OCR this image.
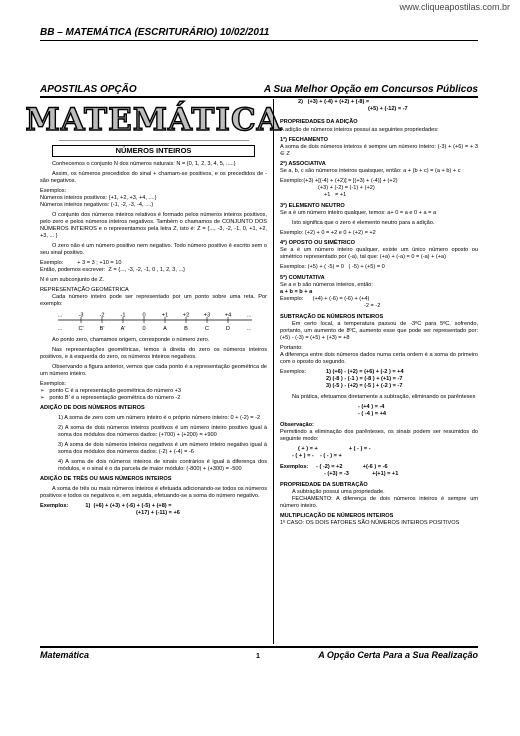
www.cliqueapostilas.com.br
BB – MATEMÁTICA (ESCRITURÁRIO) 10/02/2011
APOSTILAS OPÇÃO	A Sua Melhor Opção em Concursos Públicos
MATEMÁTICA
NÚMEROS INTEIROS

Conhecemos o conjunto N dos números naturais: N = {0, 1, 2, 3, 4, 5, .....}

Assim, os números precedidos do sinal + chamam-se positivos, e os precedidos de - são negativos.

Exemplos:

Números inteiros positivos: {+1, +2, +3, +4, ....}

Números inteiros negativos: {-1, -2, -3, -4, ....}

O conjunto dos números inteiros relativos é formado pelos números inteiros positivos, pelo zero e pelos números inteiros negativos. Também o chamamos de CONJUNTO DOS NÚMEROS INTEIROS e o representamos pela letra Z, isto é: Z = {..., -3, -2, -1, 0, +1, +2, +3, ... }

O zero não é um número positivo nem negativo. Todo número positivo é escrito sem o seu sinal positivo.

Exemplo:         + 3 = 3 ; +10 = 10

Então, podemos escrever:  Z = {..., -3, -2, -1, 0 , 1, 2, 3, ...}

N é um subconjunto de Z.

REPRESENTAÇÃO GEOMÉTRICA

Cada número inteiro pode ser representado por um ponto sobre uma reta. Por exemplo:

...	-3	-2	-1	0	+1	+2	+3	+4	...
...	C'	B'	A'	0	A	B	C	D	...

Ao ponto zero, chamamos origem, corresponde o número zero.

Nas representações geométricas, temos à direita do zero os números inteiros positivos, e à esquerda do zero, os números inteiros negativos.

Observando a figura anterior, vemos que cada ponto é a representação geométrica de um número inteiro.

Exemplos:

➢   ponto C é a representação geométrica do número +3

➢   ponto B' é a representação geométrica do número -2

ADIÇÃO DE DOIS NÚMEROS INTEIROS

1) A soma de zero com um número inteiro é o próprio número inteiro: 0 + (-2) = -2

2) A soma de dois números inteiros positivos é um número inteiro positivo igual à soma dos módulos dos números dados: (+700) + (+200) = +900

3) A soma de dois números inteiros negativos é um número inteiro negativo igual à soma dos módulos dos números dados: (-2) + (-4) = -6

4) A soma de dois números inteiros de sinais contrários é igual à diferença dos módulos, e o sinal é o da parcela de maior módulo: (-800) + (+300) = -500

ADIÇÃO DE TRÊS OU MAIS NÚMEROS INTEIROS

A soma de três ou mais números inteiros é efetuada adicionando-se todos os números positivos e todos os negativos e, em seguida, efetuando-se a soma do número negativo.

Exemplos:           1)  (+6) + (+3) + (-6) + (-5) + (+8) =

(+17) + (-11) = +6

2)   (+3) + (-4) + (+2) + (-8) =

(+5) + (-12) = -7

PROPRIEDADES DA ADIÇÃO

A adição de números inteiros possui as seguintes propriedades:

1ª) FECHAMENTO

A soma de dois números inteiros é sempre um número inteiro: (-3) + (+6) = + 3 ∈ Z

2ª) ASSOCIATIVA

Se a, b, c são números inteiros quaisquer, então: a + (b + c) = (a + b) + c

Exemplo:(+3) +[(-4) + (+2)] = [(+3) + (-4)] + (+2)

(+3) + (-2) = (-1) + (+2)

+1   = +1

3ª) ELEMENTO NEUTRO

Se a é um número inteiro qualquer, temos: a+ 0 = a e 0 + a = a

Isto significa que o zero é elemento neutro para a adição.

Exemplo: (+2) + 0 = +2 e 0 + (+2) = +2

4ª) OPOSTO OU SIMÉTRICO

Se a é um número inteiro qualquer, existe um único número oposto ou simétrico representado por (-a), tal que: (+a) + (-a) = 0 = (-a) + (+a)

Exemplos: (+5) + ( -5) = 0   ( -5) + (+5) = 0

5ª) COMUTATIVA

Se a e b são números inteiros, então:

a + b = b + a

Exemplo:      (+4) + (-6) = (-6) + (+4)

-2 = -2

SUBTRAÇÃO DE NÚMEROS INTEIROS

Em certo local, a temperatura passou de -3ºC para 5ºC, sofrendo, portanto, um aumento de 8ºC, aumento esse que pode ser representado por: (+5) - (-3) = (+5) + (+3) = +8

Portanto:

A diferença entre dois números dados numa certa ordem é a soma do primeiro com o oposto do segundo.

Exemplos:	1) (+6) - (+2) = (+6) + (-2 ) = +4

2) (-8 ) - (-1 ) = (-8 ) + (+1) = -7

3) (-5 ) - (+2) = (-5 ) + (-2 ) = -7

Na prática, efetuamos diretamente a subtração, eliminando os parênteses

- (+4 ) = -4

- ( -4 ) = +4

Observação:

Permitindo a eliminação dos parênteses, os sinais podem ser resumidos do seguinte modo:

( + ) = +                    + ( - ) = -

- ( + ) = -    - ( - ) = +

Exemplos:     - ( -2) = +2             +(-6 ) = -6

- (+3) = -3               +(+1) = +1

PROPRIEDADE DA SUBTRAÇÃO

A subtração possui uma propriedade.

FECHAMENTO: A diferença de dois números inteiros é sempre um número inteiro.

MULTIPLICAÇÃO DE NÚMEROS INTEIROS

1º CASO: OS DOIS FATORES SÃO NÚMEROS INTEIROS POSITIVOS

Matemática	1	A Opção Certa Para a Sua Realização
